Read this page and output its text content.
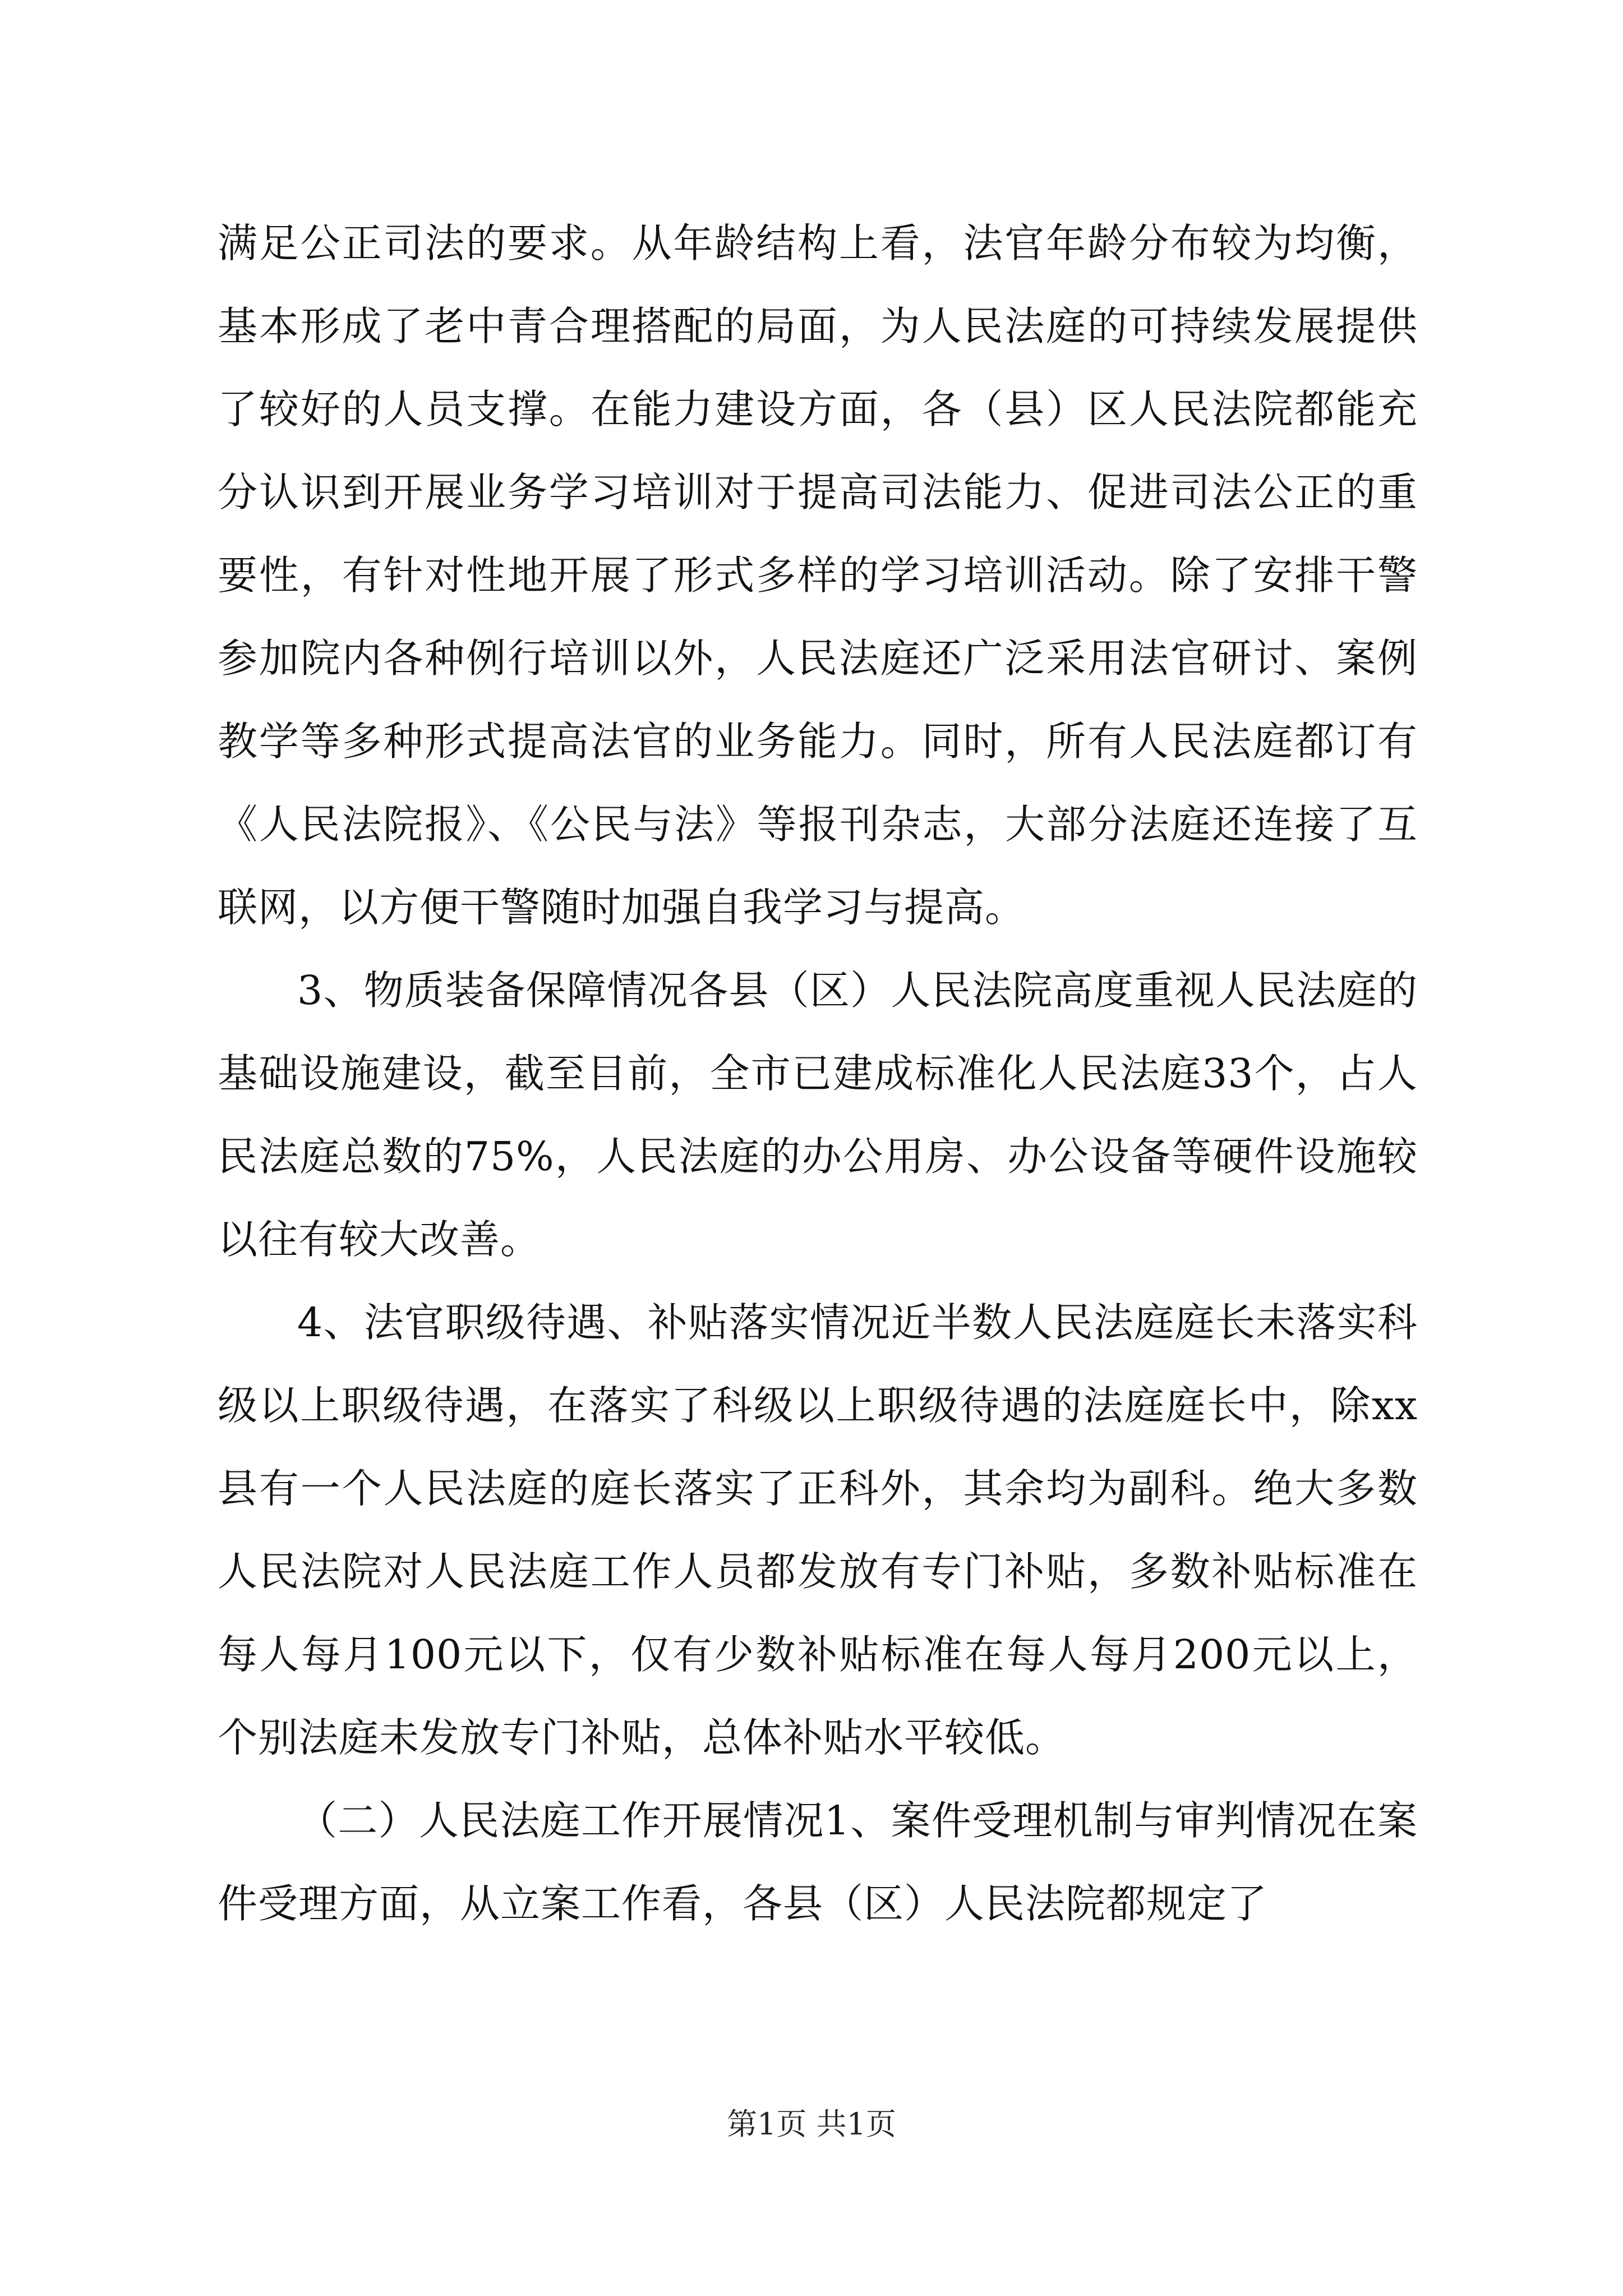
满足公正司法的要求。从年龄结构上看，法官年龄分布较为均衡，基本形成了老中青合理搭配的局面，为人民法庭的可持续发展提供了较好的人员支撑。在能力建设方面，各（县）区人民法院都能充分认识到开展业务学习培训对于提高司法能力、促进司法公正的重要性，有针对性地开展了形式多样的学习培训活动。除了安排干警参加院内各种例行培训以外，人民法庭还广泛采用法官研讨、案例教学等多种形式提高法官的业务能力。同时，所有人民法庭都订有《人民法院报》、《公民与法》等报刊杂志，大部分法庭还连接了互联网，以方便干警随时加强自我学习与提高。

3、物质装备保障情况各县（区）人民法院高度重视人民法庭的基础设施建设，截至目前，全市已建成标准化人民法庭33个，占人民法庭总数的75%，人民法庭的办公用房、办公设备等硬件设施较以往有较大改善。

4、法官职级待遇、补贴落实情况近半数人民法庭庭长未落实科级以上职级待遇，在落实了科级以上职级待遇的法庭庭长中，除xx县有一个人民法庭的庭长落实了正科外，其余均为副科。绝大多数人民法院对人民法庭工作人员都发放有专门补贴，多数补贴标准在每人每月100元以下，仅有少数补贴标准在每人每月200元以上，个别法庭未发放专门补贴，总体补贴水平较低。

（二）人民法庭工作开展情况1、案件受理机制与审判情况在案件受理方面，从立案工作看，各县（区）人民法院都规定了

第1页 共1页
